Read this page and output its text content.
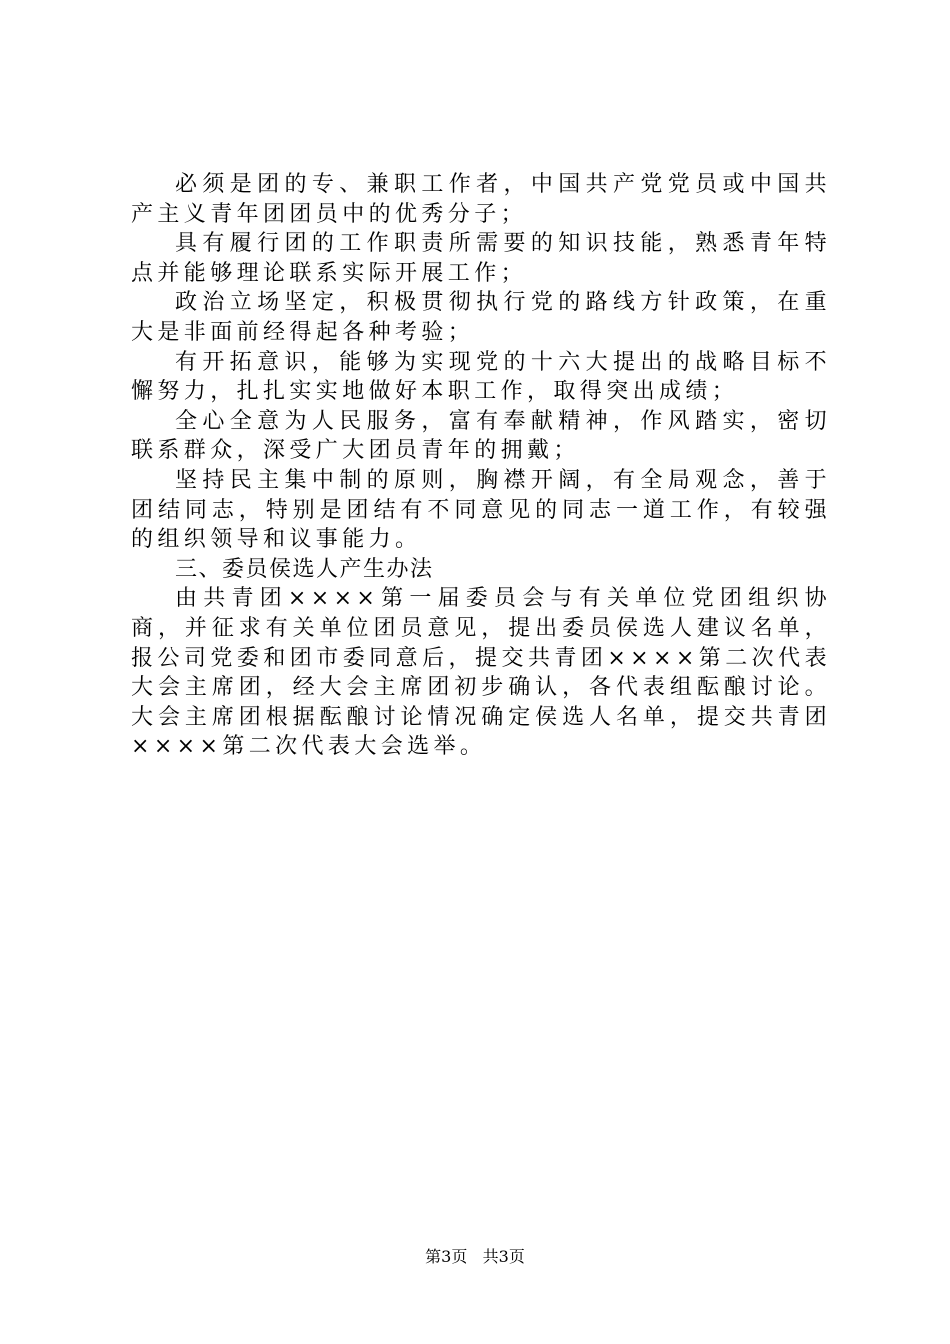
必须是团的专、兼职工作者，中国共产党党员或中国共产主义青年团团员中的优秀分子；

具有履行团的工作职责所需要的知识技能，熟悉青年特点并能够理论联系实际开展工作；

政治立场坚定，积极贯彻执行党的路线方针政策，在重大是非面前经得起各种考验；

有开拓意识，能够为实现党的十六大提出的战略目标不懈努力，扎扎实实地做好本职工作，取得突出成绩；

全心全意为人民服务，富有奉献精神，作风踏实，密切联系群众，深受广大团员青年的拥戴；

坚持民主集中制的原则，胸襟开阔，有全局观念，善于团结同志，特别是团结有不同意见的同志一道工作，有较强的组织领导和议事能力。

三、委员侯选人产生办法

由共青团××××第一届委员会与有关单位党团组织协商，并征求有关单位团员意见，提出委员侯选人建议名单，报公司党委和团市委同意后，提交共青团××××第二次代表大会主席团，经大会主席团初步确认，各代表组酝酿讨论。大会主席团根据酝酿讨论情况确定侯选人名单，提交共青团××××第二次代表大会选举。

第3页 共3页
